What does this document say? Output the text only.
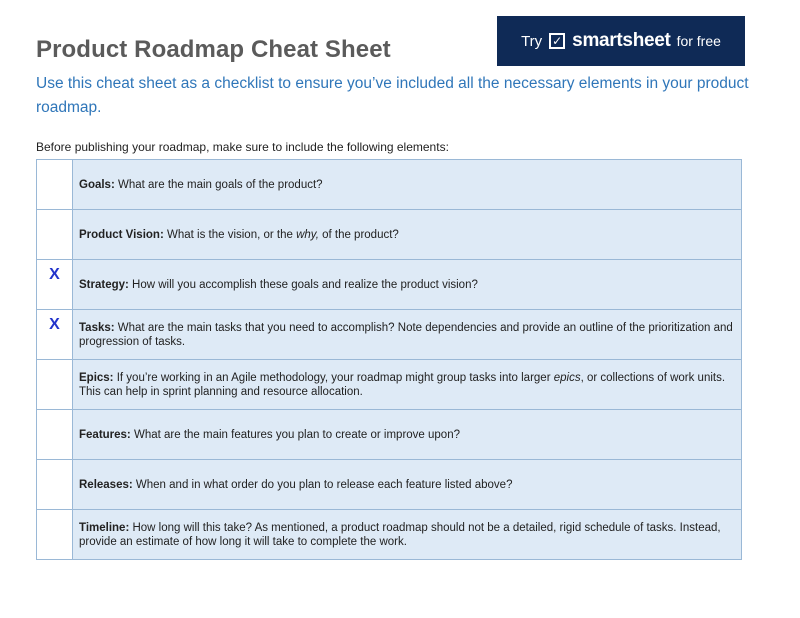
Product Roadmap Cheat Sheet	Try ✓ smartsheet for free
Use this cheat sheet as a checklist to ensure you’ve included all the necessary elements in your product roadmap.
Before publishing your roadmap, make sure to include the following elements:
	Goals: What are the main goals of the product?
	Product Vision: What is the vision, or the why, of the product?
X	Strategy: How will you accomplish these goals and realize the product vision?
X	Tasks: What are the main tasks that you need to accomplish? Note dependencies and provide an outline of the prioritization and progression of tasks.
	Epics: If you’re working in an Agile methodology, your roadmap might group tasks into larger epics, or collections of work units. This can help in sprint planning and resource allocation.
	Features: What are the main features you plan to create or improve upon?
	Releases: When and in what order do you plan to release each feature listed above?
	Timeline: How long will this take? As mentioned, a product roadmap should not be a detailed, rigid schedule of tasks. Instead, provide an estimate of how long it will take to complete the work.
